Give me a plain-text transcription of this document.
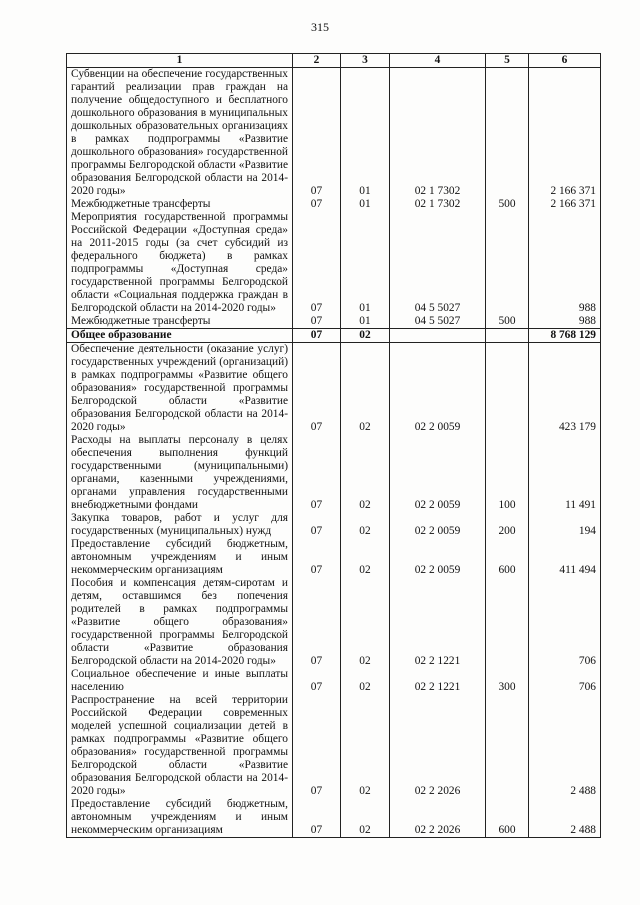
315
1	2	3	4	5	6
Субвенции на обеспечение государственных гарантий реализации прав граждан на получение общедоступного и бесплатного дошкольного образования в муниципальных дошкольных образовательных организациях в рамках подпрограммы «Развитие дошкольного образования» государственной программы Белгородской области «Развитие образования Белгородской области на 2014-2020 годы»	07	01	02 1 7302		2 166 371
Межбюджетные трансферты	07	01	02 1 7302	500	2 166 371
Мероприятия государственной программы Российской Федерации «Доступная среда» на 2011-2015 годы (за счет субсидий из федерального бюджета) в рамках подпрограммы «Доступная среда» государственной программы Белгородской области «Социальная поддержка граждан в Белгородской области на 2014-2020 годы»	07	01	04 5 5027		988
Межбюджетные трансферты	07	01	04 5 5027	500	988
Общее образование	07	02			8 768 129
Обеспечение деятельности (оказание услуг) государственных учреждений (организаций) в рамках подпрограммы «Развитие общего образования» государственной программы Белгородской области «Развитие образования Белгородской области на 2014-2020 годы»	07	02	02 2 0059		423 179
Расходы на выплаты персоналу в целях обеспечения выполнения функций государственными (муниципальными) органами, казенными учреждениями, органами управления государственными внебюджетными фондами	07	02	02 2 0059	100	11 491
Закупка товаров, работ и услуг для государственных (муниципальных) нужд	07	02	02 2 0059	200	194
Предоставление субсидий бюджетным, автономным учреждениям и иным некоммерческим организациям	07	02	02 2 0059	600	411 494
Пособия и компенсация детям-сиротам и детям, оставшимся без попечения родителей в рамках подпрограммы «Развитие общего образования» государственной программы Белгородской области «Развитие образования Белгородской области на 2014-2020 годы»	07	02	02 2 1221		706
Социальное обеспечение и иные выплаты населению	07	02	02 2 1221	300	706
Распространение на всей территории Российской Федерации современных моделей успешной социализации детей в рамках подпрограммы «Развитие общего образования» государственной программы Белгородской области «Развитие образования Белгородской области на 2014-2020 годы»	07	02	02 2 2026		2 488
Предоставление субсидий бюджетным, автономным учреждениям и иным некоммерческим организациям	07	02	02 2 2026	600	2 488
